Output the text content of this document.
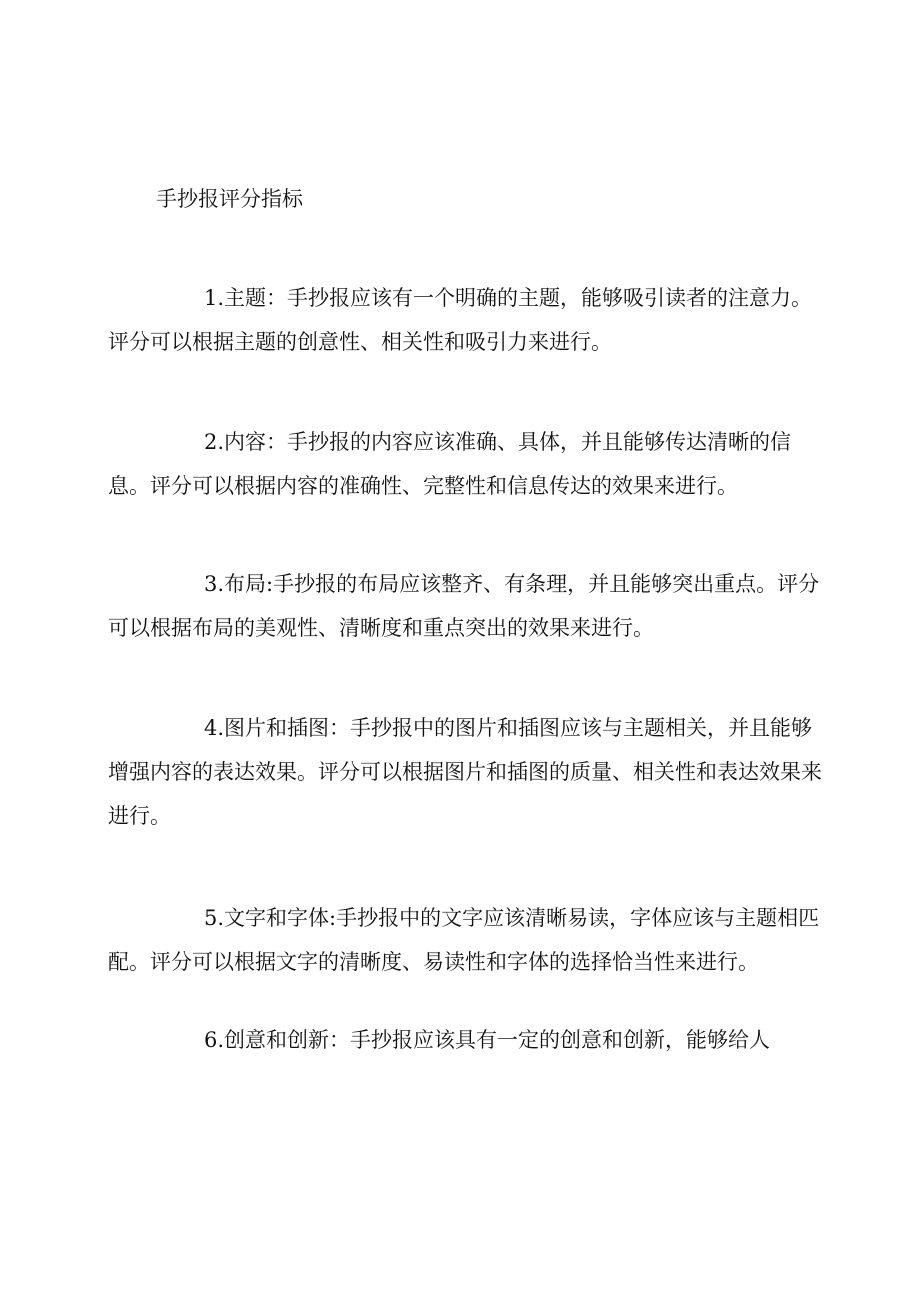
手抄报评分指标

1.主题：手抄报应该有一个明确的主题，能够吸引读者的注意力。评分可以根据主题的创意性、相关性和吸引力来进行。

2.内容：手抄报的内容应该准确、具体，并且能够传达清晰的信息。评分可以根据内容的准确性、完整性和信息传达的效果来进行。

3.布局:手抄报的布局应该整齐、有条理，并且能够突出重点。评分可以根据布局的美观性、清晰度和重点突出的效果来进行。

4.图片和插图：手抄报中的图片和插图应该与主题相关，并且能够增强内容的表达效果。评分可以根据图片和插图的质量、相关性和表达效果来进行。

5.文字和字体:手抄报中的文字应该清晰易读，字体应该与主题相匹配。评分可以根据文字的清晰度、易读性和字体的选择恰当性来进行。

6.创意和创新：手抄报应该具有一定的创意和创新，能够给人
